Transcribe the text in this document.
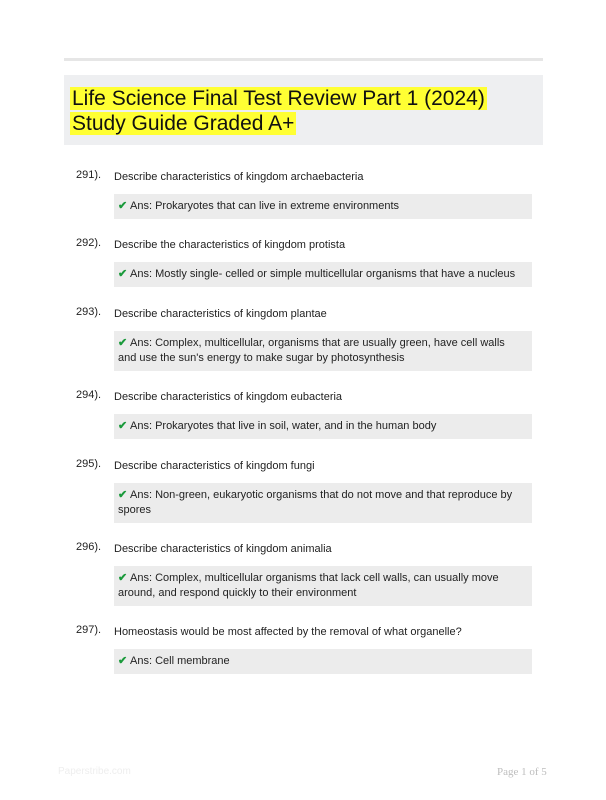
Life Science Final Test Review Part 1 (2024) Study Guide Graded A+
291). Describe characteristics of kingdom archaebacteria
✔ Ans: Prokaryotes that can live in extreme environments
292). Describe the characteristics of kingdom protista
✔ Ans: Mostly single- celled or simple multicellular organisms that have a nucleus
293). Describe characteristics of kingdom plantae
✔ Ans: Complex, multicellular, organisms that are usually green, have cell walls and use the sun's energy to make sugar by photosynthesis
294). Describe characteristics of kingdom eubacteria
✔ Ans: Prokaryotes that live in soil, water, and in the human body
295). Describe characteristics of kingdom fungi
✔ Ans: Non-green, eukaryotic organisms that do not move and that reproduce by spores
296). Describe characteristics of kingdom animalia
✔ Ans: Complex, multicellular organisms that lack cell walls, can usually move around, and respond quickly to their environment
297). Homeostasis would be most affected by the removal of what organelle?
✔ Ans: Cell membrane
Paperstribe.com	Page 1 of 5
